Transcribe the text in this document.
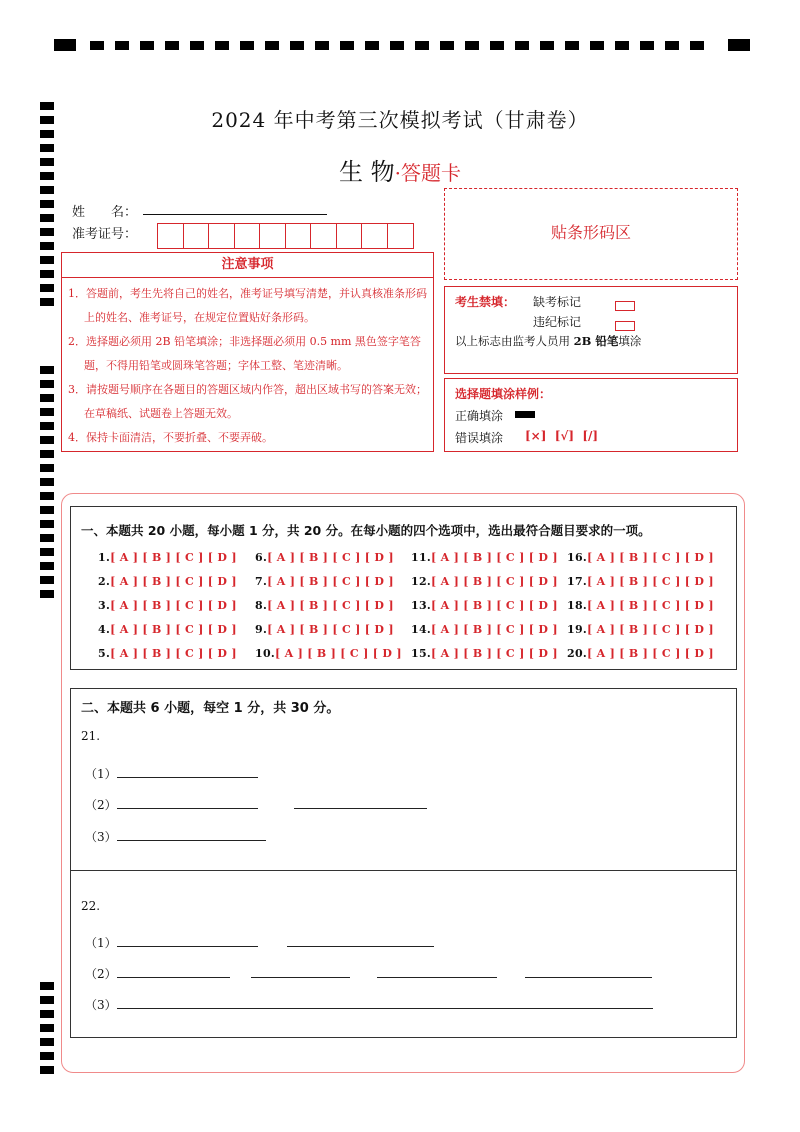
2024 年中考第三次模拟考试（甘肃卷）
生 物·答题卡
姓　　名：
准考证号：
注意事项
1．答题前，考生先将自己的姓名，准考证号填写清楚，并认真核准条形码上的姓名、准考证号，在规定位置贴好条形码。
2．选择题必须用 2B 铅笔填涂；非选择题必须用 0.5 mm 黑色签字笔答题，不得用铅笔或圆珠笔答题；字体工整、笔迹清晰。
3．请按题号顺序在各题目的答题区域内作答，超出区域书写的答案无效；在草稿纸、试题卷上答题无效。
4．保持卡面清洁，不要折叠、不要弄破。
贴条形码区
考生禁填： 缺考标记
违纪标记
以上标志由监考人员用 2B 铅笔填涂
选择题填涂样例：
正确填涂
错误填涂 [×]  [√]  [/]
一、本题共 20 小题，每小题 1 分，共 20 分。在每小题的四个选项中，选出最符合题目要求的一项。
1.[ A ] [ B ] [ C ] [ D ]
2.[ A ] [ B ] [ C ] [ D ]
3.[ A ] [ B ] [ C ] [ D ]
4.[ A ] [ B ] [ C ] [ D ]
5.[ A ] [ B ] [ C ] [ D ]
6.[ A ] [ B ] [ C ] [ D ]
7.[ A ] [ B ] [ C ] [ D ]
8.[ A ] [ B ] [ C ] [ D ]
9.[ A ] [ B ] [ C ] [ D ]
10.[ A ] [ B ] [ C ] [ D ]
11.[ A ] [ B ] [ C ] [ D ]
12.[ A ] [ B ] [ C ] [ D ]
13.[ A ] [ B ] [ C ] [ D ]
14.[ A ] [ B ] [ C ] [ D ]
15.[ A ] [ B ] [ C ] [ D ]
16.[ A ] [ B ] [ C ] [ D ]
17.[ A ] [ B ] [ C ] [ D ]
18.[ A ] [ B ] [ C ] [ D ]
19.[ A ] [ B ] [ C ] [ D ]
20.[ A ] [ B ] [ C ] [ D ]
二、本题共 6 小题，每空 1 分，共 30 分。
21.
（1）
（2）
（3）
22.
（1）
（2）
（3）
